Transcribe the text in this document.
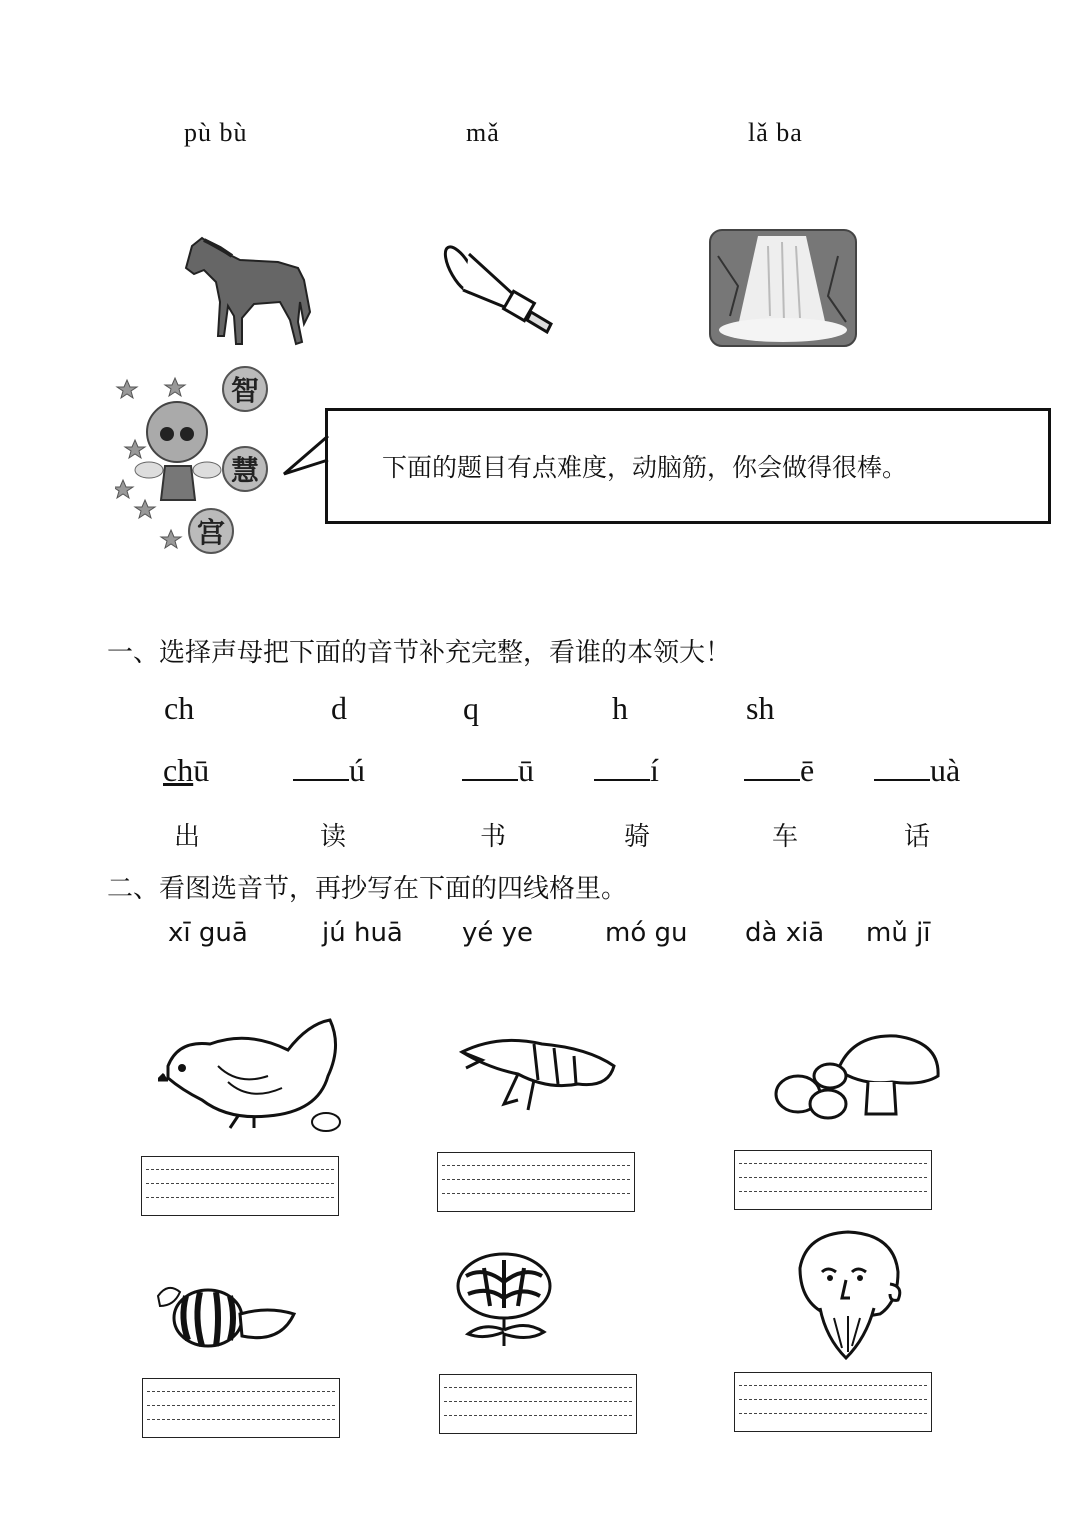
pù bù	mǎ	lǎ ba
智
慧
宫
下面的题目有点难度，动脑筋，你会做得很棒。
一、选择声母把下面的音节补充完整，看谁的本领大！
ch	d	q	h	sh
chū	ú	ū	í	ē	uà
出	读	书	骑	车	话
二、看图选音节，再抄写在下面的四线格里。
xī guā	jú huā yé ye	mó gu dà xiā mǔ jī
